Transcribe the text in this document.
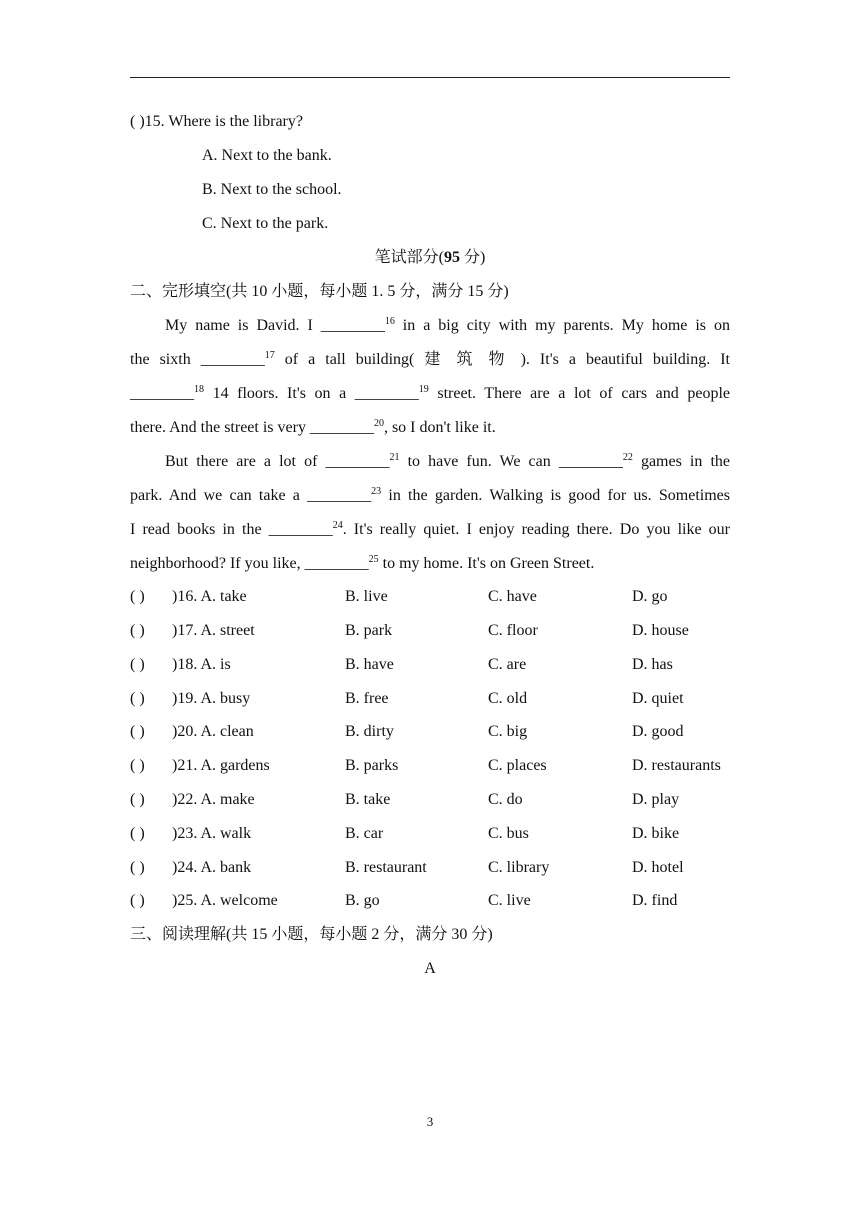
( )15. Where is the library?
A. Next to the bank.
B. Next to the school.
C. Next to the park.
笔试部分(95 分)
二、完形填空(共 10 小题，每小题 1. 5 分，满分 15 分)
My name is David. I ________$^{16}$ in a big city with my parents. My home is on
the sixth ________$^{17}$ of a tall building( 建 筑 物 ). It's a beautiful building. It
________$^{18}$ 14 floors. It's on a ________$^{19}$ street. There are a lot of cars and people
there. And the street is very ________$^{20}$, so I don't like it.
But there are a lot of ________$^{21}$ to have fun. We can ________$^{22}$ games in the
park. And we can take a ________$^{23}$ in the garden. Walking is good for us. Sometimes
I read books in the ________$^{24}$. It's really quiet. I enjoy reading there. Do you like our
neighborhood? If you like, ________$^{25}$ to my home. It's on Green Street.
( ) )16. A. take	B. live	C. have	D. go
( ) )17. A. street	B. park	C. floor	D. house
( ) )18. A. is	B. have	C. are	D. has
( ) )19. A. busy	B. free	C. old	D. quiet
( ) )20. A. clean	B. dirty	C. big	D. good
( ) )21. A. gardens	B. parks	C. places	D. restaurants
( ) )22. A. make	B. take	C. do	D. play
( ) )23. A. walk	B. car	C. bus	D. bike
( ) )24. A. bank	B. restaurant	C. library	D. hotel
( ) )25. A. welcome	B. go	C. live	D. find
三、阅读理解(共 15 小题，每小题 2 分，满分 30 分)
A
3
